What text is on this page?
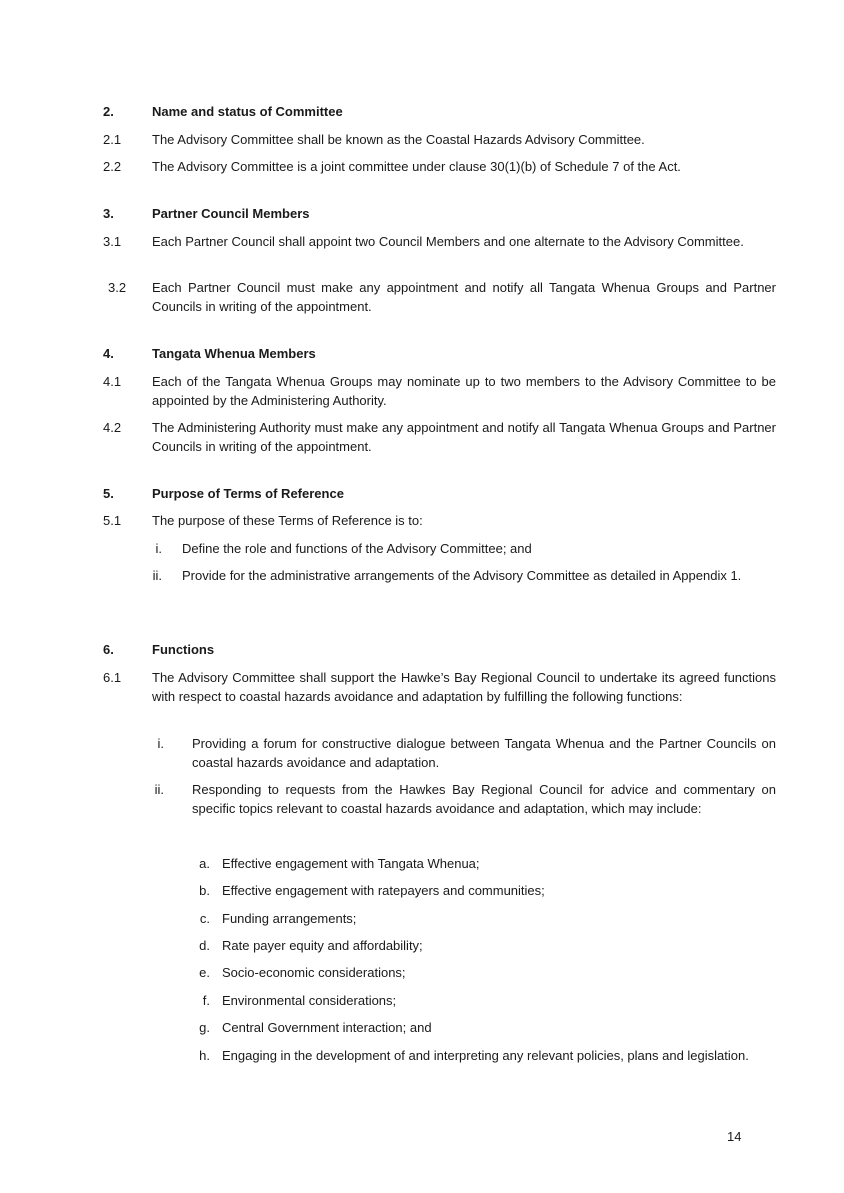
2.	Name and status of Committee
2.1 The Advisory Committee shall be known as the Coastal Hazards Advisory Committee.
2.2 The Advisory Committee is a joint committee under clause 30(1)(b) of Schedule 7 of the Act.
3.	Partner Council Members
3.1 Each Partner Council shall appoint two Council Members and one alternate to the Advisory Committee.
3.2 Each Partner Council must make any appointment and notify all Tangata Whenua Groups and Partner Councils in writing of the appointment.
4.	Tangata Whenua Members
4.1 Each of the Tangata Whenua Groups may nominate up to two members to the Advisory Committee to be appointed by the Administering Authority.
4.2 The Administering Authority must make any appointment and notify all Tangata Whenua Groups and Partner Councils in writing of the appointment.
5.	Purpose of Terms of Reference
5.1 The purpose of these Terms of Reference is to:
i. Define the role and functions of the Advisory Committee; and
ii. Provide for the administrative arrangements of the Advisory Committee as detailed in Appendix 1.
6.	Functions
6.1 The Advisory Committee shall support the Hawke’s Bay Regional Council to undertake its agreed functions with respect to coastal hazards avoidance and adaptation by fulfilling the following functions:
i. Providing a forum for constructive dialogue between Tangata Whenua and the Partner Councils on coastal hazards avoidance and adaptation.
ii. Responding to requests from the Hawkes Bay Regional Council for advice and commentary on specific topics relevant to coastal hazards avoidance and adaptation, which may include:
a. Effective engagement with Tangata Whenua;
b. Effective engagement with ratepayers and communities;
c. Funding arrangements;
d. Rate payer equity and affordability;
e. Socio-economic considerations;
f. Environmental considerations;
g. Central Government interaction; and
h. Engaging in the development of and interpreting any relevant policies, plans and legislation.
14
